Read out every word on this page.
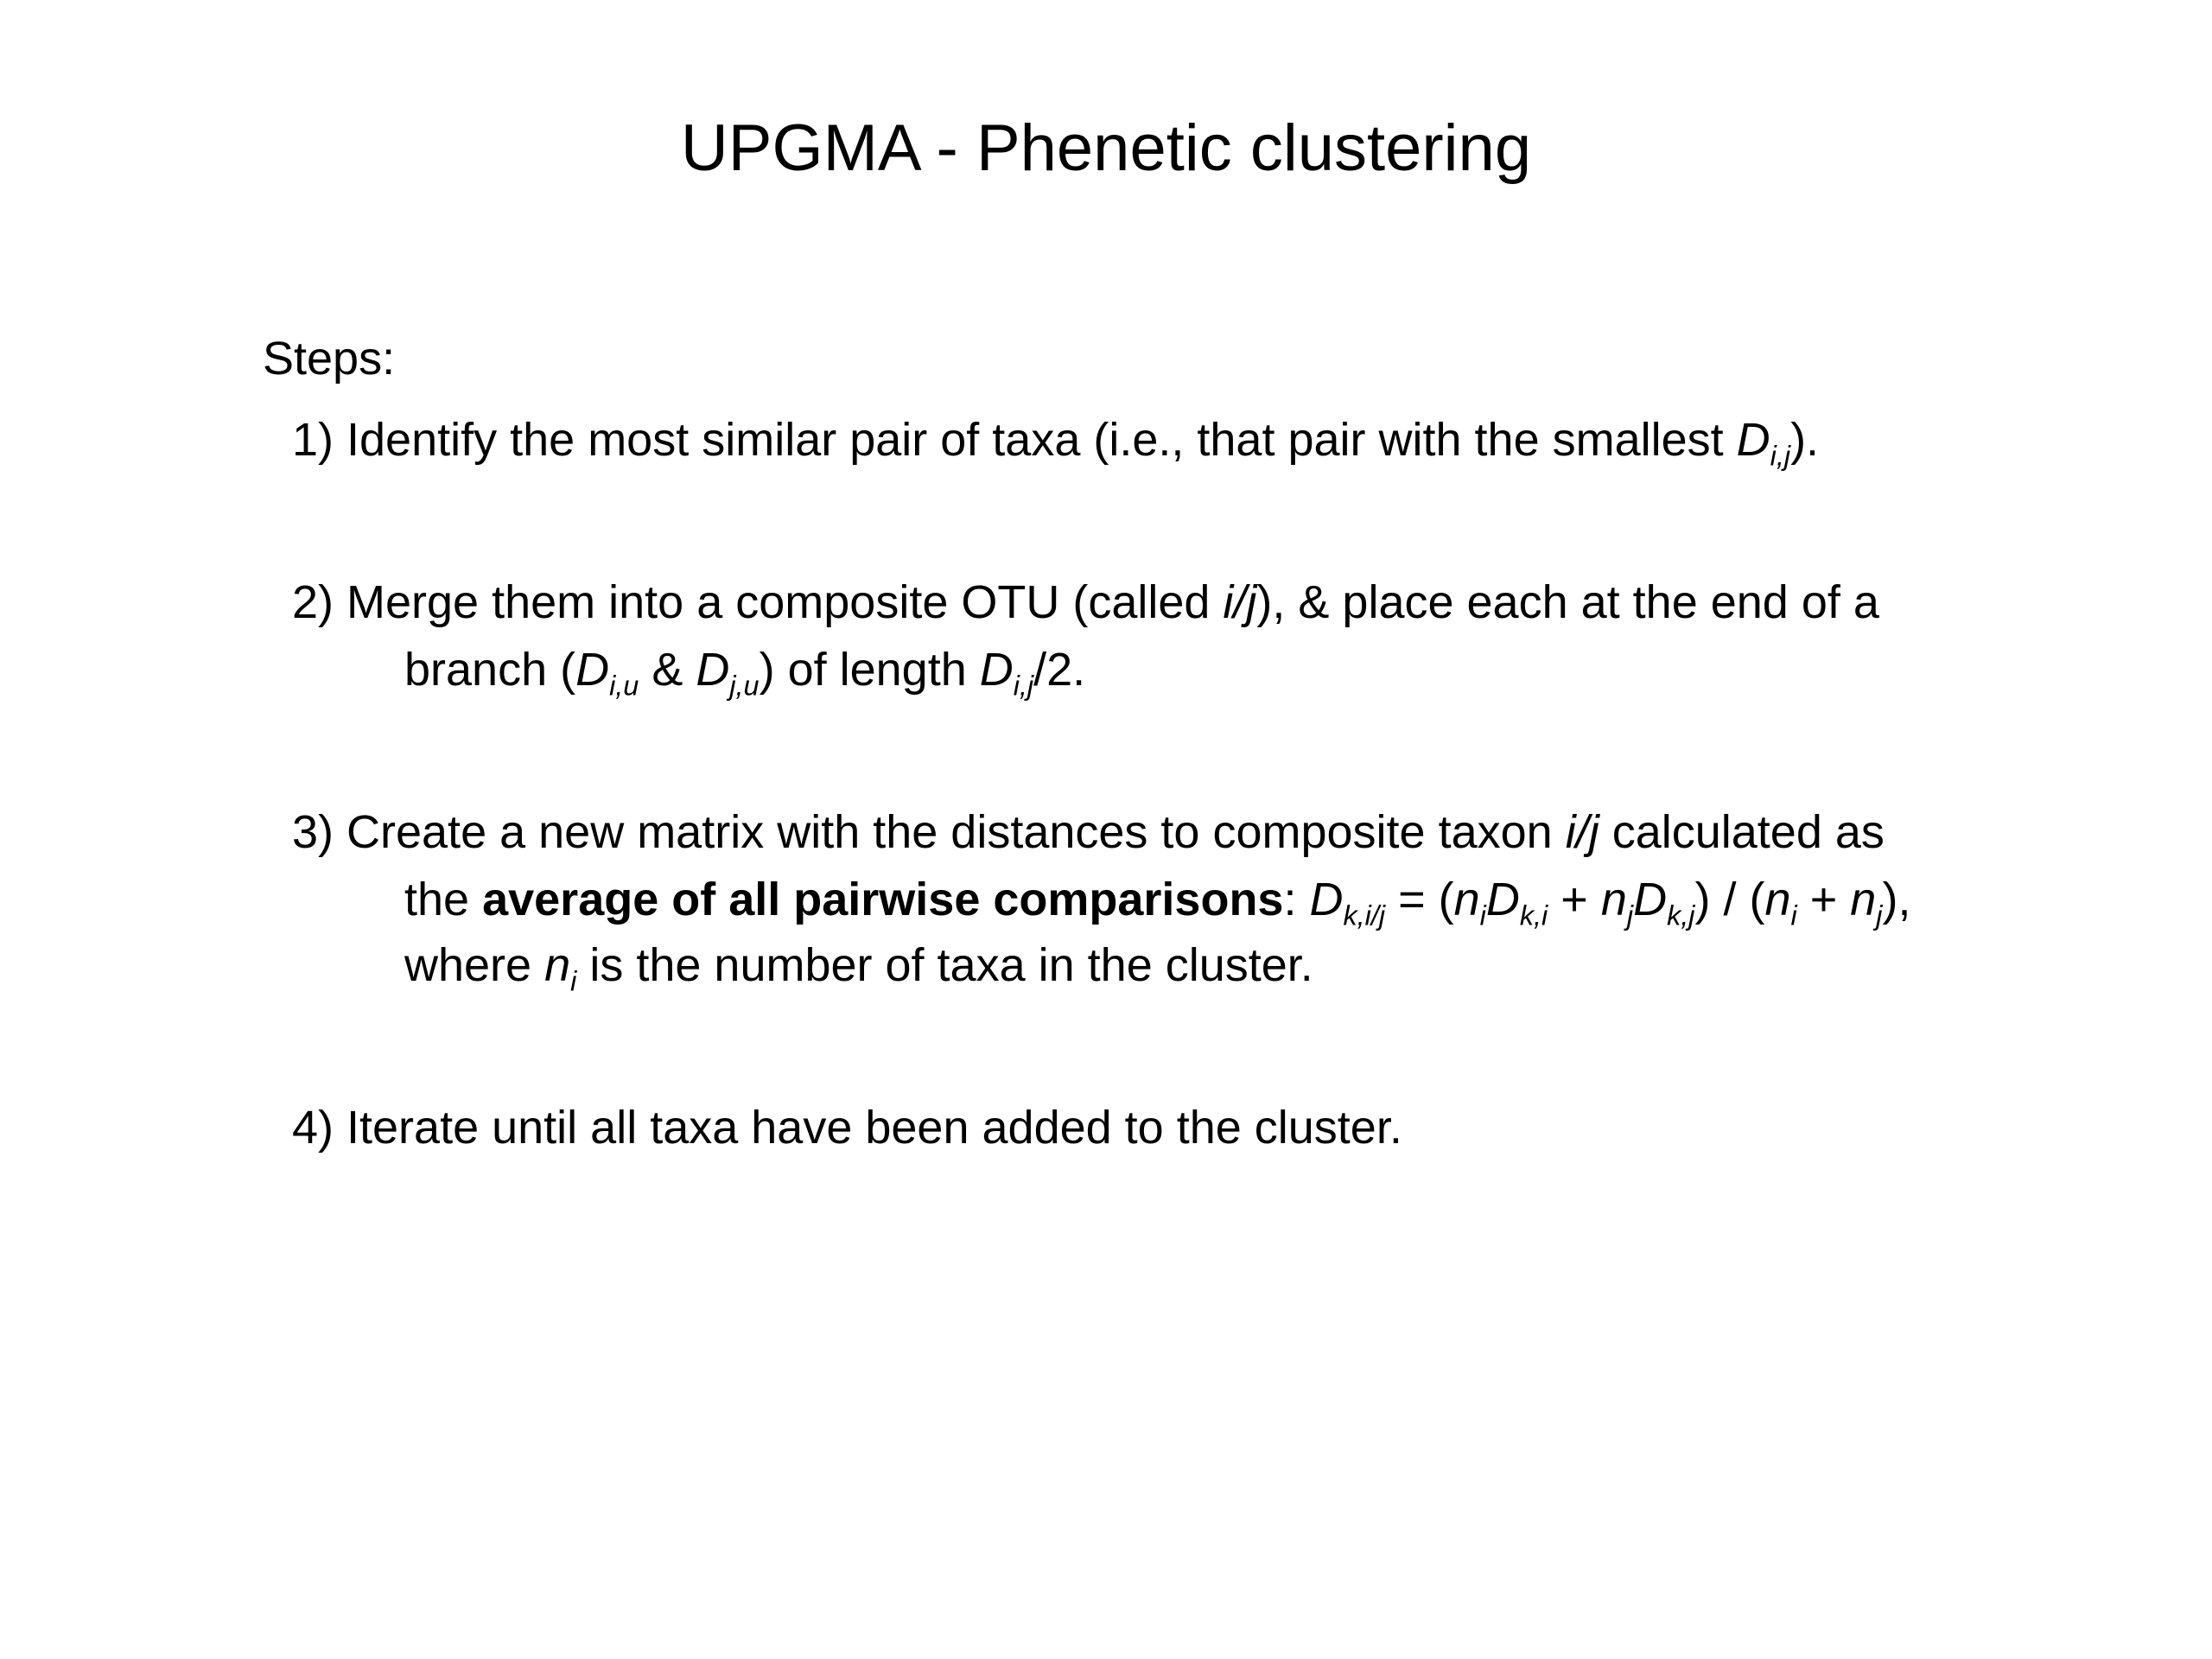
UPGMA - Phenetic clustering
Steps:
1) Identify the most similar pair of taxa (i.e., that pair with the smallest $D_{i,j}$).
2) Merge them into a composite OTU (called i/j), & place each at the end of a
branch ($D_{i,u}$ & $D_{j,u}$) of length $D_{i,j}/2$.
3) Create a new matrix with the distances to composite taxon i/j calculated as
the average of all pairwise comparisons: $D_{k,i/j} = (n_iD_{k,i} + n_jD_{k,j}) / (n_i + n_j)$,
where $n_i$ is the number of taxa in the cluster.
4) Iterate until all taxa have been added to the cluster.
